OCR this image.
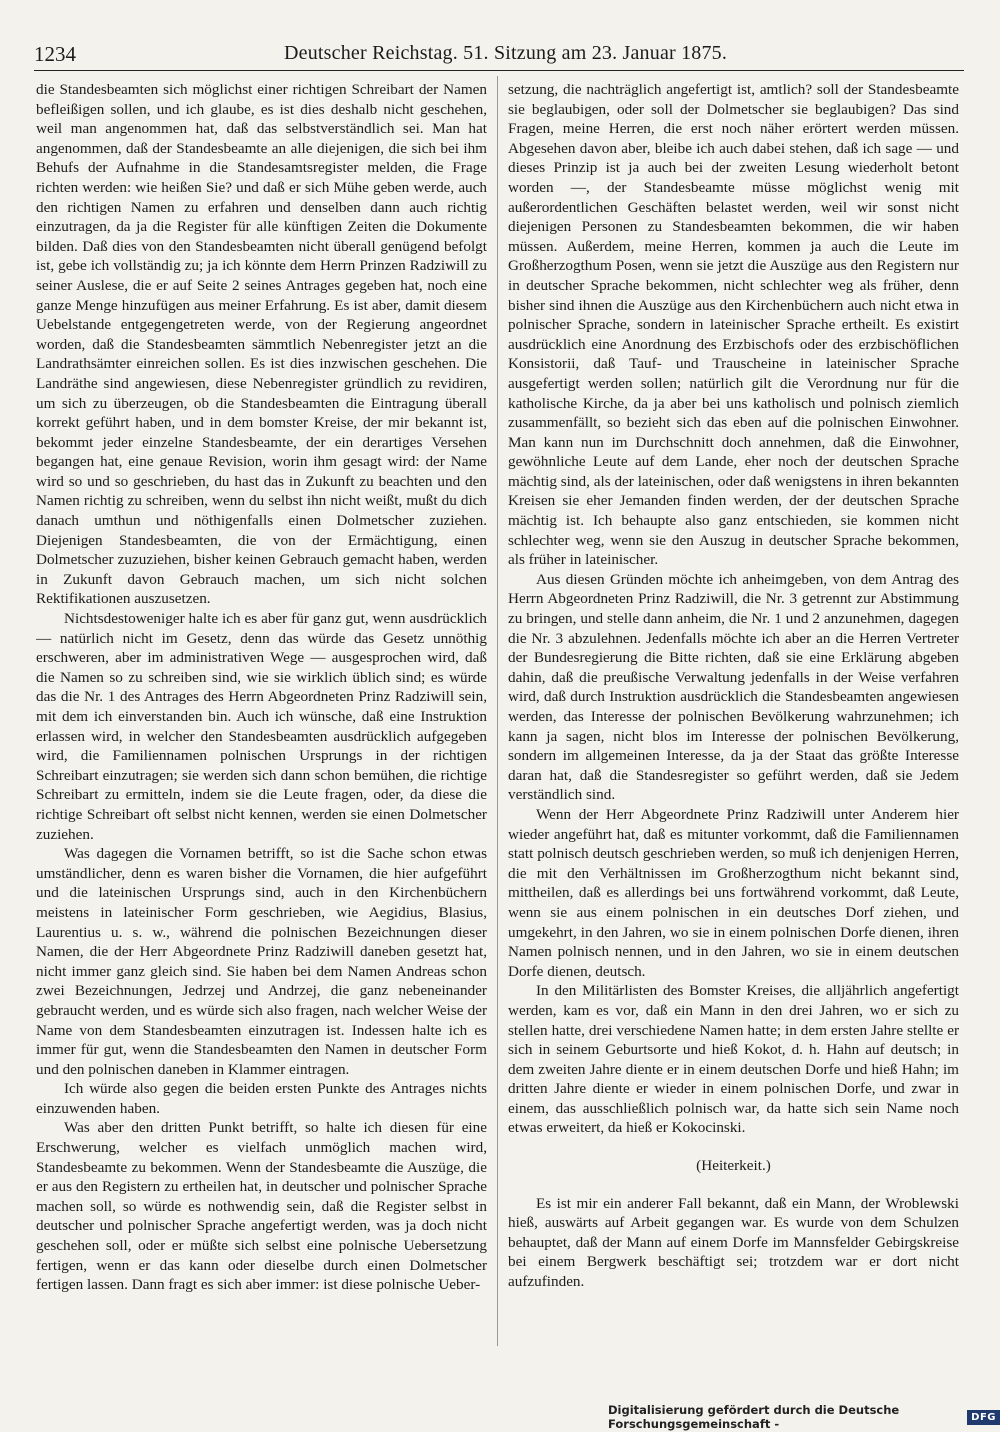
1234	Deutscher Reichstag. 51. Sitzung am 23. Januar 1875.

die Standesbeamten sich möglichst einer richtigen Schreibart der Namen befleißigen sollen, und ich glaube, es ist dies deshalb nicht geschehen, weil man angenommen hat, daß das selbstverständlich sei. Man hat angenommen, daß der Standesbeamte an alle diejenigen, die sich bei ihm Behufs der Aufnahme in die Standesamtsregister melden, die Frage richten werden: wie heißen Sie? und daß er sich Mühe geben werde, auch den richtigen Namen zu erfahren und denselben dann auch richtig einzutragen, da ja die Register für alle künftigen Zeiten die Dokumente bilden. Daß dies von den Standesbeamten nicht überall genügend befolgt ist, gebe ich vollständig zu; ja ich könnte dem Herrn Prinzen Radziwill zu seiner Auslese, die er auf Seite 2 seines Antrages gegeben hat, noch eine ganze Menge hinzufügen aus meiner Erfahrung. Es ist aber, damit diesem Uebelstande entgegengetreten werde, von der Regierung angeordnet worden, daß die Standesbeamten sämmtlich Nebenregister jetzt an die Landrathsämter einreichen sollen. Es ist dies inzwischen geschehen. Die Landräthe sind angewiesen, diese Nebenregister gründlich zu revidiren, um sich zu überzeugen, ob die Standesbeamten die Eintragung überall korrekt geführt haben, und in dem bomster Kreise, der mir bekannt ist, bekommt jeder einzelne Standesbeamte, der ein derartiges Versehen begangen hat, eine genaue Revision, worin ihm gesagt wird: der Name wird so und so geschrieben, du hast das in Zukunft zu beachten und den Namen richtig zu schreiben, wenn du selbst ihn nicht weißt, mußt du dich danach umthun und nöthigenfalls einen Dolmetscher zuziehen. Diejenigen Standesbeamten, die von der Ermächtigung, einen Dolmetscher zuzuziehen, bisher keinen Gebrauch gemacht haben, werden in Zukunft davon Gebrauch machen, um sich nicht solchen Rektifikationen auszusetzen.

Nichtsdestoweniger halte ich es aber für ganz gut, wenn ausdrücklich — natürlich nicht im Gesetz, denn das würde das Gesetz unnöthig erschweren, aber im administrativen Wege — ausgesprochen wird, daß die Namen so zu schreiben sind, wie sie wirklich üblich sind; es würde das die Nr. 1 des Antrages des Herrn Abgeordneten Prinz Radziwill sein, mit dem ich einverstanden bin. Auch ich wünsche, daß eine Instruktion erlassen wird, in welcher den Standesbeamten ausdrücklich aufgegeben wird, die Familiennamen polnischen Ursprungs in der richtigen Schreibart einzutragen; sie werden sich dann schon bemühen, die richtige Schreibart zu ermitteln, indem sie die Leute fragen, oder, da diese die richtige Schreibart oft selbst nicht kennen, werden sie einen Dolmetscher zuziehen.

Was dagegen die Vornamen betrifft, so ist die Sache schon etwas umständlicher, denn es waren bisher die Vornamen, die hier aufgeführt und die lateinischen Ursprungs sind, auch in den Kirchenbüchern meistens in lateinischer Form geschrieben, wie Aegidius, Blasius, Laurentius u. s. w., während die polnischen Bezeichnungen dieser Namen, die der Herr Abgeordnete Prinz Radziwill daneben gesetzt hat, nicht immer ganz gleich sind. Sie haben bei dem Namen Andreas schon zwei Bezeichnungen, Jedrzej und Andrzej, die ganz nebeneinander gebraucht werden, und es würde sich also fragen, nach welcher Weise der Name von dem Standesbeamten einzutragen ist. Indessen halte ich es immer für gut, wenn die Standesbeamten den Namen in deutscher Form und den polnischen daneben in Klammer eintragen.

Ich würde also gegen die beiden ersten Punkte des Antrages nichts einzuwenden haben.

Was aber den dritten Punkt betrifft, so halte ich diesen für eine Erschwerung, welcher es vielfach unmöglich machen wird, Standesbeamte zu bekommen. Wenn der Standesbeamte die Auszüge, die er aus den Registern zu ertheilen hat, in deutscher und polnischer Sprache machen soll, so würde es nothwendig sein, daß die Register selbst in deutscher und polnischer Sprache angefertigt werden, was ja doch nicht geschehen soll, oder er müßte sich selbst eine polnische Uebersetzung fertigen, wenn er das kann oder dieselbe durch einen Dolmetscher fertigen lassen. Dann fragt es sich aber immer: ist diese polnische Ueber-

setzung, die nachträglich angefertigt ist, amtlich? soll der Standesbeamte sie beglaubigen, oder soll der Dolmetscher sie beglaubigen? Das sind Fragen, meine Herren, die erst noch näher erörtert werden müssen. Abgesehen davon aber, bleibe ich auch dabei stehen, daß ich sage — und dieses Prinzip ist ja auch bei der zweiten Lesung wiederholt betont worden —, der Standesbeamte müsse möglichst wenig mit außerordentlichen Geschäften belastet werden, weil wir sonst nicht diejenigen Personen zu Standesbeamten bekommen, die wir haben müssen. Außerdem, meine Herren, kommen ja auch die Leute im Großherzogthum Posen, wenn sie jetzt die Auszüge aus den Registern nur in deutscher Sprache bekommen, nicht schlechter weg als früher, denn bisher sind ihnen die Auszüge aus den Kirchenbüchern auch nicht etwa in polnischer Sprache, sondern in lateinischer Sprache ertheilt. Es existirt ausdrücklich eine Anordnung des Erzbischofs oder des erzbischöflichen Konsistorii, daß Tauf- und Trauscheine in lateinischer Sprache ausgefertigt werden sollen; natürlich gilt die Verordnung nur für die katholische Kirche, da ja aber bei uns katholisch und polnisch ziemlich zusammenfällt, so bezieht sich das eben auf die polnischen Einwohner. Man kann nun im Durchschnitt doch annehmen, daß die Einwohner, gewöhnliche Leute auf dem Lande, eher noch der deutschen Sprache mächtig sind, als der lateinischen, oder daß wenigstens in ihren bekannten Kreisen sie eher Jemanden finden werden, der der deutschen Sprache mächtig ist. Ich behaupte also ganz entschieden, sie kommen nicht schlechter weg, wenn sie den Auszug in deutscher Sprache bekommen, als früher in lateinischer.

Aus diesen Gründen möchte ich anheimgeben, von dem Antrag des Herrn Abgeordneten Prinz Radziwill, die Nr. 3 getrennt zur Abstimmung zu bringen, und stelle dann anheim, die Nr. 1 und 2 anzunehmen, dagegen die Nr. 3 abzulehnen. Jedenfalls möchte ich aber an die Herren Vertreter der Bundesregierung die Bitte richten, daß sie eine Erklärung abgeben dahin, daß die preußische Verwaltung jedenfalls in der Weise verfahren wird, daß durch Instruktion ausdrücklich die Standesbeamten angewiesen werden, das Interesse der polnischen Bevölkerung wahrzunehmen; ich kann ja sagen, nicht blos im Interesse der polnischen Bevölkerung, sondern im allgemeinen Interesse, da ja der Staat das größte Interesse daran hat, daß die Standesregister so geführt werden, daß sie Jedem verständlich sind.

Wenn der Herr Abgeordnete Prinz Radziwill unter Anderem hier wieder angeführt hat, daß es mitunter vorkommt, daß die Familiennamen statt polnisch deutsch geschrieben werden, so muß ich denjenigen Herren, die mit den Verhältnissen im Großherzogthum nicht bekannt sind, mittheilen, daß es allerdings bei uns fortwährend vorkommt, daß Leute, wenn sie aus einem polnischen in ein deutsches Dorf ziehen, und umgekehrt, in den Jahren, wo sie in einem polnischen Dorfe dienen, ihren Namen polnisch nennen, und in den Jahren, wo sie in einem deutschen Dorfe dienen, deutsch.

In den Militärlisten des Bomster Kreises, die alljährlich angefertigt werden, kam es vor, daß ein Mann in den drei Jahren, wo er sich zu stellen hatte, drei verschiedene Namen hatte; in dem ersten Jahre stellte er sich in seinem Geburtsorte und hieß Kokot, d. h. Hahn auf deutsch; in dem zweiten Jahre diente er in einem deutschen Dorfe und hieß Hahn; im dritten Jahre diente er wieder in einem polnischen Dorfe, und zwar in einem, das ausschließlich polnisch war, da hatte sich sein Name noch etwas erweitert, da hieß er Kokocinski.

(Heiterkeit.)

Es ist mir ein anderer Fall bekannt, daß ein Mann, der Wroblewski hieß, auswärts auf Arbeit gegangen war. Es wurde von dem Schulzen behauptet, daß der Mann auf einem Dorfe im Mannsfelder Gebirgskreise bei einem Bergwerk beschäftigt sei; trotzdem war er dort nicht aufzufinden.

Digitalisierung gefördert durch die Deutsche Forschungsgemeinschaft -	DFG
